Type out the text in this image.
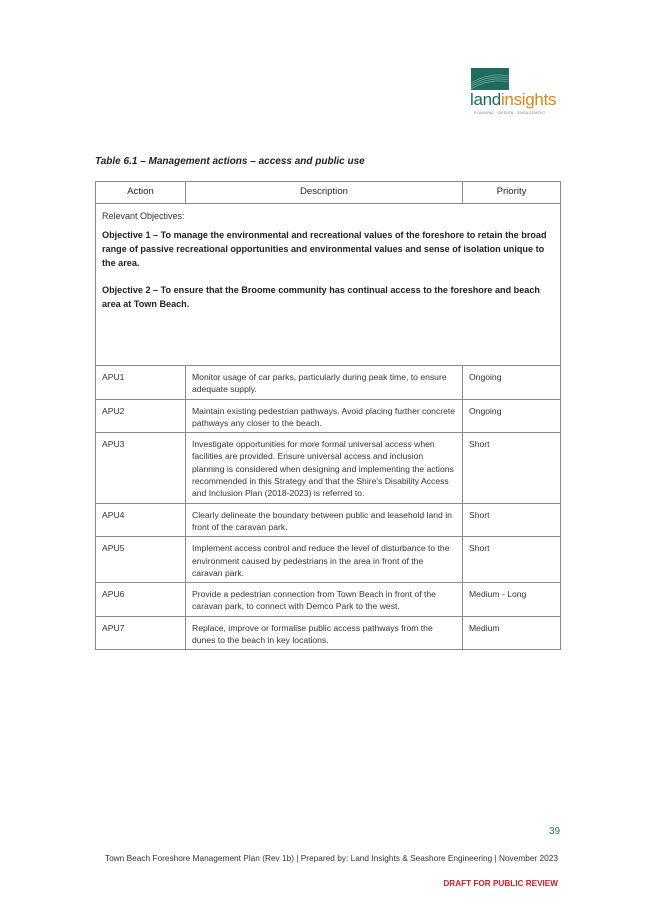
landinsights
PLANNING · DESIGN · ENGAGEMENT
Table 6.1 – Management actions – access and public use
Action	Description	Priority

Relevant Objectives:

Objective 1 – To manage the environmental and recreational values of the foreshore to retain the broad range of passive recreational opportunities and environmental values and sense of isolation unique to the area.

Objective 2 – To ensure that the Broome community has continual access to the foreshore and beach area at Town Beach.		

APU1	Monitor usage of car parks, particularly during peak time, to ensure adequate supply.	Ongoing
APU2	Maintain existing pedestrian pathways. Avoid placing further concrete pathways any closer to the beach.	Ongoing
APU3	Investigate opportunities for more formal universal access when facilities are provided. Ensure universal access and inclusion planning is considered when designing and implementing the actions recommended in this Strategy and that the Shire's Disability Access and Inclusion Plan (2018-2023) is referred to.	Short
APU4	Clearly delineate the boundary between public and leasehold land in front of the caravan park.	Short
APU5	Implement access control and reduce the level of disturbance to the environment caused by pedestrians in the area in front of the caravan park.	Short
APU6	Provide a pedestrian connection from Town Beach in front of the caravan park, to connect with Demco Park to the west.	Medium - Long
APU7	Replace, improve or formalise public access pathways from the dunes to the beach in key locations.	Medium
39
Town Beach Foreshore Management Plan (Rev 1b) | Prepared by: Land Insights & Seashore Engineering | November 2023
DRAFT FOR PUBLIC REVIEW
